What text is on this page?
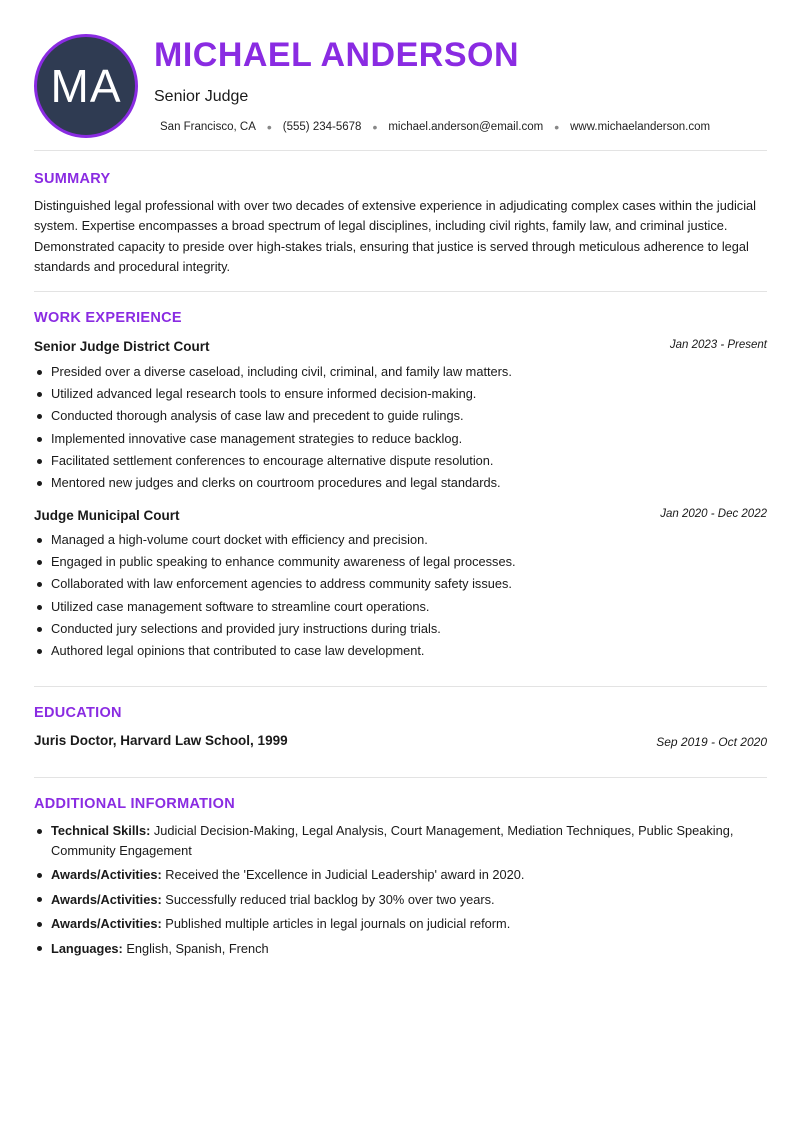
MA
MICHAEL ANDERSON
Senior Judge
San Francisco, CA • (555) 234-5678 • michael.anderson@email.com • www.michaelanderson.com
SUMMARY

Distinguished legal professional with over two decades of extensive experience in adjudicating complex cases within the judicial system. Expertise encompasses a broad spectrum of legal disciplines, including civil rights, family law, and criminal justice. Demonstrated capacity to preside over high-stakes trials, ensuring that justice is served through meticulous adherence to legal standards and procedural integrity.

WORK EXPERIENCE
Senior Judge District Court	Jan 2023 - Present
Presided over a diverse caseload, including civil, criminal, and family law matters.
Utilized advanced legal research tools to ensure informed decision-making.
Conducted thorough analysis of case law and precedent to guide rulings.
Implemented innovative case management strategies to reduce backlog.
Facilitated settlement conferences to encourage alternative dispute resolution.
Mentored new judges and clerks on courtroom procedures and legal standards.
Judge Municipal Court	Jan 2020 - Dec 2022
Managed a high-volume court docket with efficiency and precision.
Engaged in public speaking to enhance community awareness of legal processes.
Collaborated with law enforcement agencies to address community safety issues.
Utilized case management software to streamline court operations.
Conducted jury selections and provided jury instructions during trials.
Authored legal opinions that contributed to case law development.
EDUCATION
Juris Doctor, Harvard Law School, 1999	Sep 2019 - Oct 2020
ADDITIONAL INFORMATION
Technical Skills: Judicial Decision-Making, Legal Analysis, Court Management, Mediation Techniques, Public Speaking, Community Engagement
Awards/Activities: Received the 'Excellence in Judicial Leadership' award in 2020.
Awards/Activities: Successfully reduced trial backlog by 30% over two years.
Awards/Activities: Published multiple articles in legal journals on judicial reform.
Languages: English, Spanish, French
